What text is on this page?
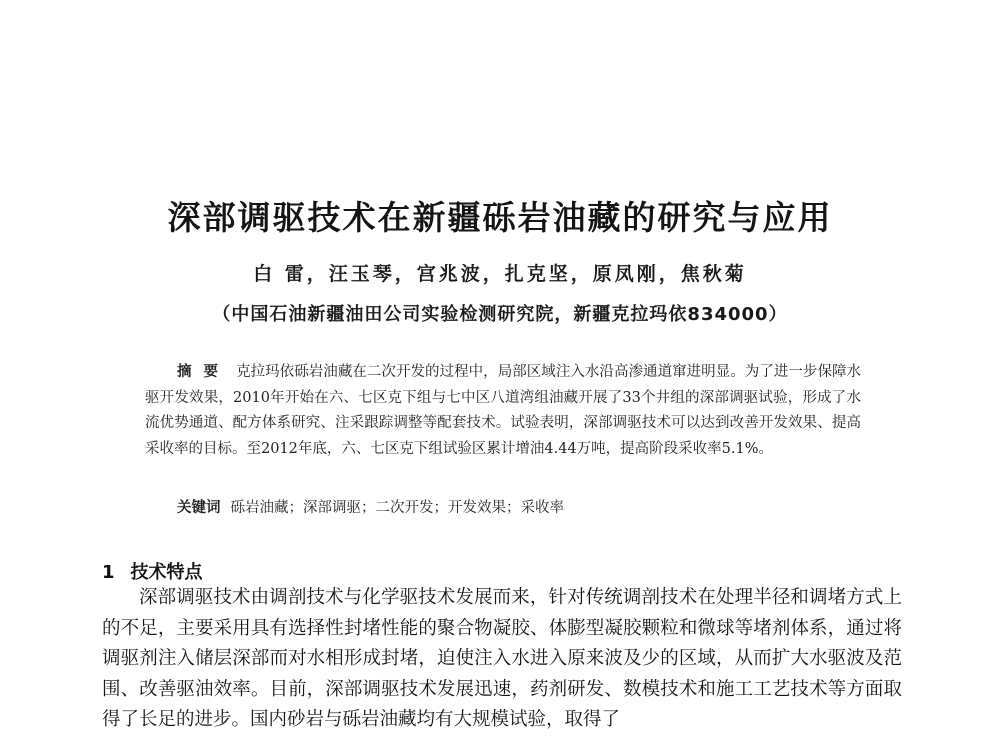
深部调驱技术在新疆砾岩油藏的研究与应用
白 雷，汪玉琴，宫兆波，扎克坚，原凤刚，焦秋菊
（中国石油新疆油田公司实验检测研究院，新疆克拉玛依834000）
摘要 克拉玛依砾岩油藏在二次开发的过程中，局部区域注入水沿高渗通道窜进明显。为了进一步保障水驱开发效果，2010年开始在六、七区克下组与七中区八道湾组油藏开展了33个井组的深部调驱试验，形成了水流优势通道、配方体系研究、注采跟踪调整等配套技术。试验表明，深部调驱技术可以达到改善开发效果、提高采收率的目标。至2012年底，六、七区克下组试验区累计增油4.44万吨，提高阶段采收率5.1%。
关键词 砾岩油藏；深部调驱；二次开发；开发效果；采收率
1 技术特点
深部调驱技术由调剖技术与化学驱技术发展而来，针对传统调剖技术在处理半径和调堵方式上的不足，主要采用具有选择性封堵性能的聚合物凝胶、体膨型凝胶颗粒和微球等堵剂体系，通过将调驱剂注入储层深部而对水相形成封堵，迫使注入水进入原来波及少的区域，从而扩大水驱波及范围、改善驱油效率。目前，深部调驱技术发展迅速，药剂研发、数模技术和施工工艺技术等方面取得了长足的进步。国内砂岩与砾岩油藏均有大规模试验，取得了
